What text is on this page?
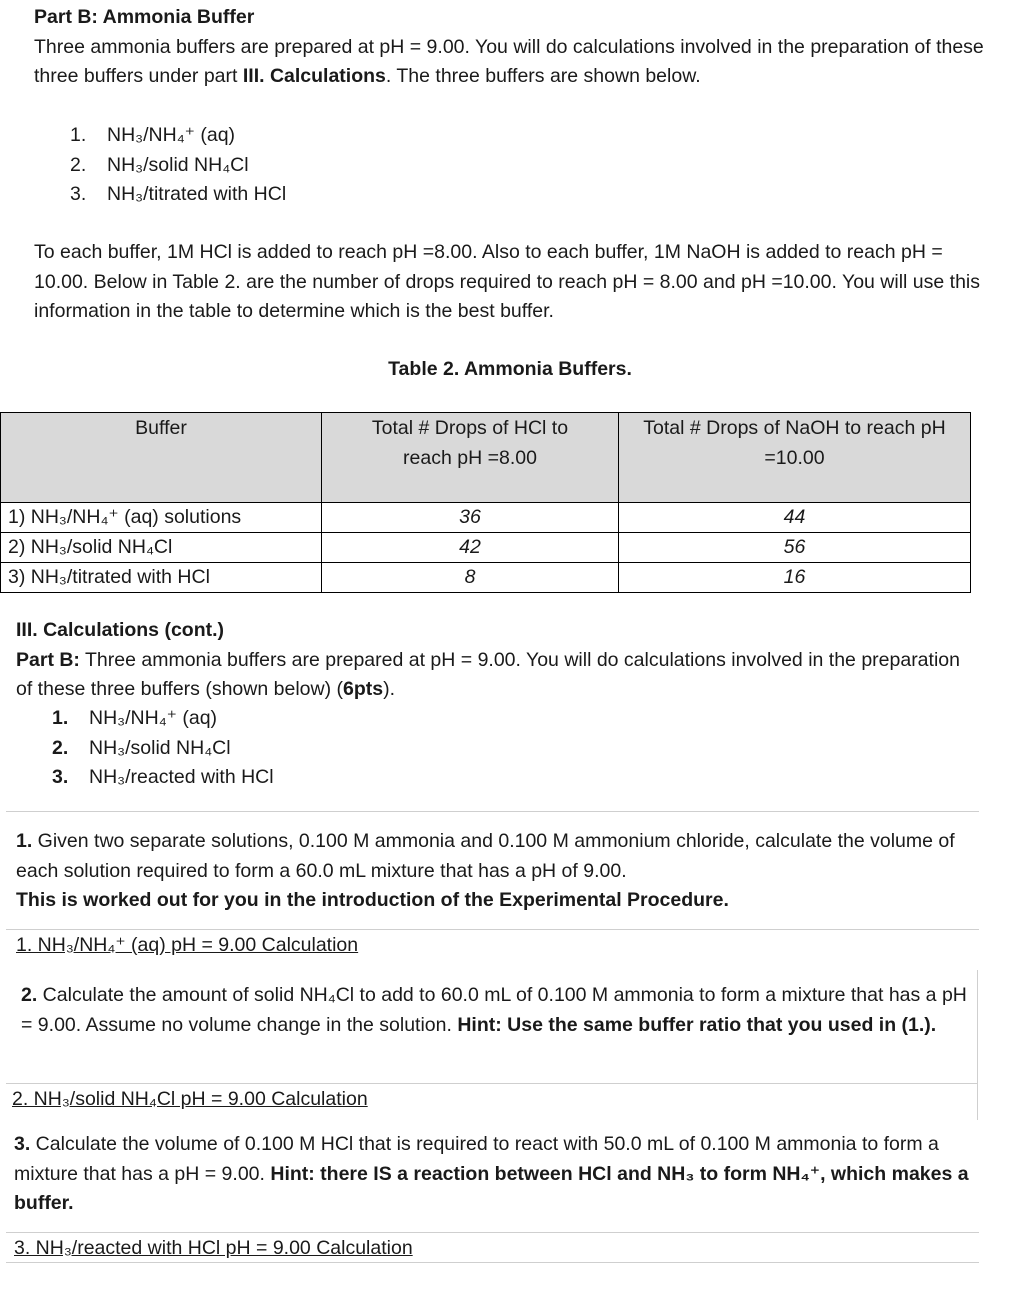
Part B: Ammonia Buffer
Three ammonia buffers are prepared at pH = 9.00. You will do calculations involved in the preparation of these three buffers under part III. Calculations. The three buffers are shown below.
1.	NH₃/NH₄⁺ (aq)
2.	NH₃/solid NH₄Cl
3.	NH₃/titrated with HCl
To each buffer, 1M HCl is added to reach pH =8.00. Also to each buffer, 1M NaOH is added to reach pH = 10.00. Below in Table 2. are the number of drops required to reach pH = 8.00 and pH =10.00. You will use this information in the table to determine which is the best buffer.
Table 2. Ammonia Buffers.
Buffer	Total # Drops of HCl to reach pH =8.00	Total # Drops of NaOH to reach pH =10.00
1) NH₃/NH₄⁺ (aq) solutions	36	44
2) NH₃/solid NH₄Cl	42	56
3) NH₃/titrated with HCl	8	16
III. Calculations (cont.)
Part B: Three ammonia buffers are prepared at pH = 9.00. You will do calculations involved in the preparation of these three buffers (shown below) (6pts).
1.	NH₃/NH₄⁺ (aq)
2.	NH₃/solid NH₄Cl
3.	NH₃/reacted with HCl
1. Given two separate solutions, 0.100 M ammonia and 0.100 M ammonium chloride, calculate the volume of each solution required to form a 60.0 mL mixture that has a pH of 9.00.
This is worked out for you in the introduction of the Experimental Procedure.
1. NH₃/NH₄⁺ (aq) pH = 9.00 Calculation
2. Calculate the amount of solid NH₄Cl to add to 60.0 mL of 0.100 M ammonia to form a mixture that has a pH = 9.00. Assume no volume change in the solution. Hint: Use the same buffer ratio that you used in (1.).
2. NH₃/solid NH₄Cl pH = 9.00 Calculation
3. Calculate the volume of 0.100 M HCl that is required to react with 50.0 mL of 0.100 M ammonia to form a mixture that has a pH = 9.00. Hint: there IS a reaction between HCl and NH₃ to form NH₄⁺, which makes a buffer.
3. NH₃/reacted with HCl pH = 9.00 Calculation
